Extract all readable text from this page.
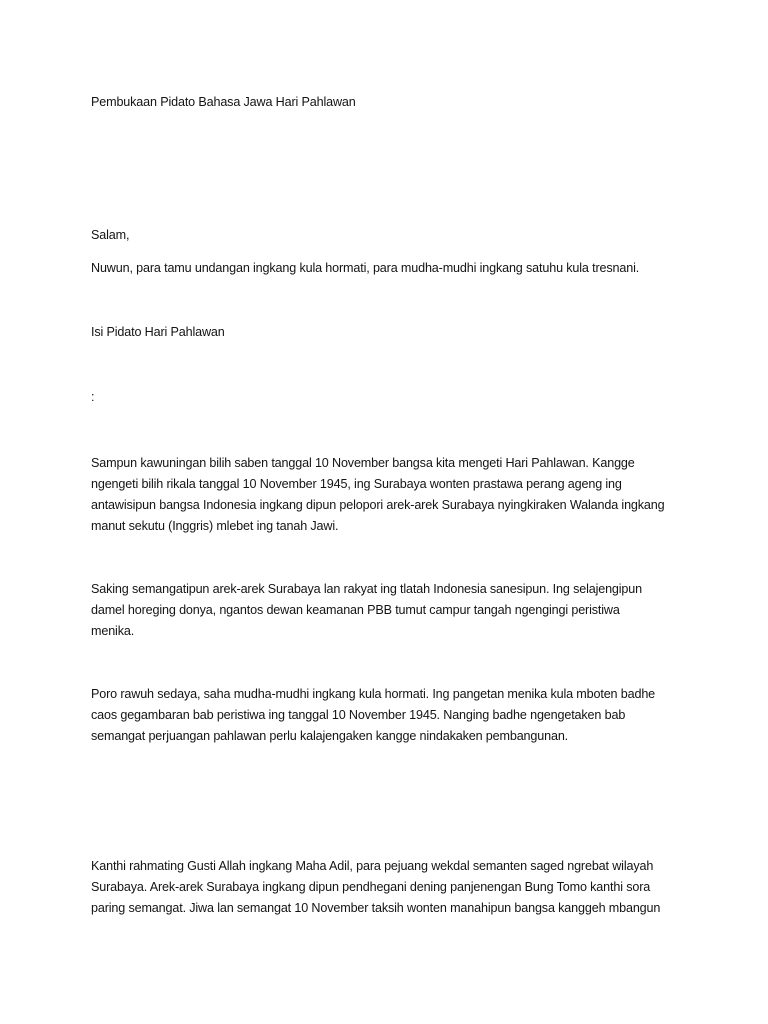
Pembukaan Pidato Bahasa Jawa Hari Pahlawan

Salam,

Nuwun, para tamu undangan ingkang kula hormati, para mudha-mudhi ingkang satuhu kula tresnani.

Isi Pidato Hari Pahlawan

:

Sampun kawuningan bilih saben tanggal 10 November bangsa kita mengeti Hari Pahlawan. Kangge
ngengeti bilih rikala tanggal 10 November 1945, ing Surabaya wonten prastawa perang ageng ing
antawisipun bangsa Indonesia ingkang dipun pelopori arek-arek Surabaya nyingkiraken Walanda ingkang
manut sekutu (Inggris) mlebet ing tanah Jawi.

Saking semangatipun arek-arek Surabaya lan rakyat ing tlatah Indonesia sanesipun. Ing selajengipun
damel horeging donya, ngantos dewan keamanan PBB tumut campur tangah ngengingi peristiwa
menika.

Poro rawuh sedaya, saha mudha-mudhi ingkang kula hormati. Ing pangetan menika kula mboten badhe
caos gegambaran bab peristiwa ing tanggal 10 November 1945. Nanging badhe ngengetaken bab
semangat perjuangan pahlawan perlu kalajengaken kangge nindakaken pembangunan.

Kanthi rahmating Gusti Allah ingkang Maha Adil, para pejuang wekdal semanten saged ngrebat wilayah
Surabaya. Arek-arek Surabaya ingkang dipun pendhegani dening panjenengan Bung Tomo kanthi sora
paring semangat. Jiwa lan semangat 10 November taksih wonten manahipun bangsa kanggeh mbangun
